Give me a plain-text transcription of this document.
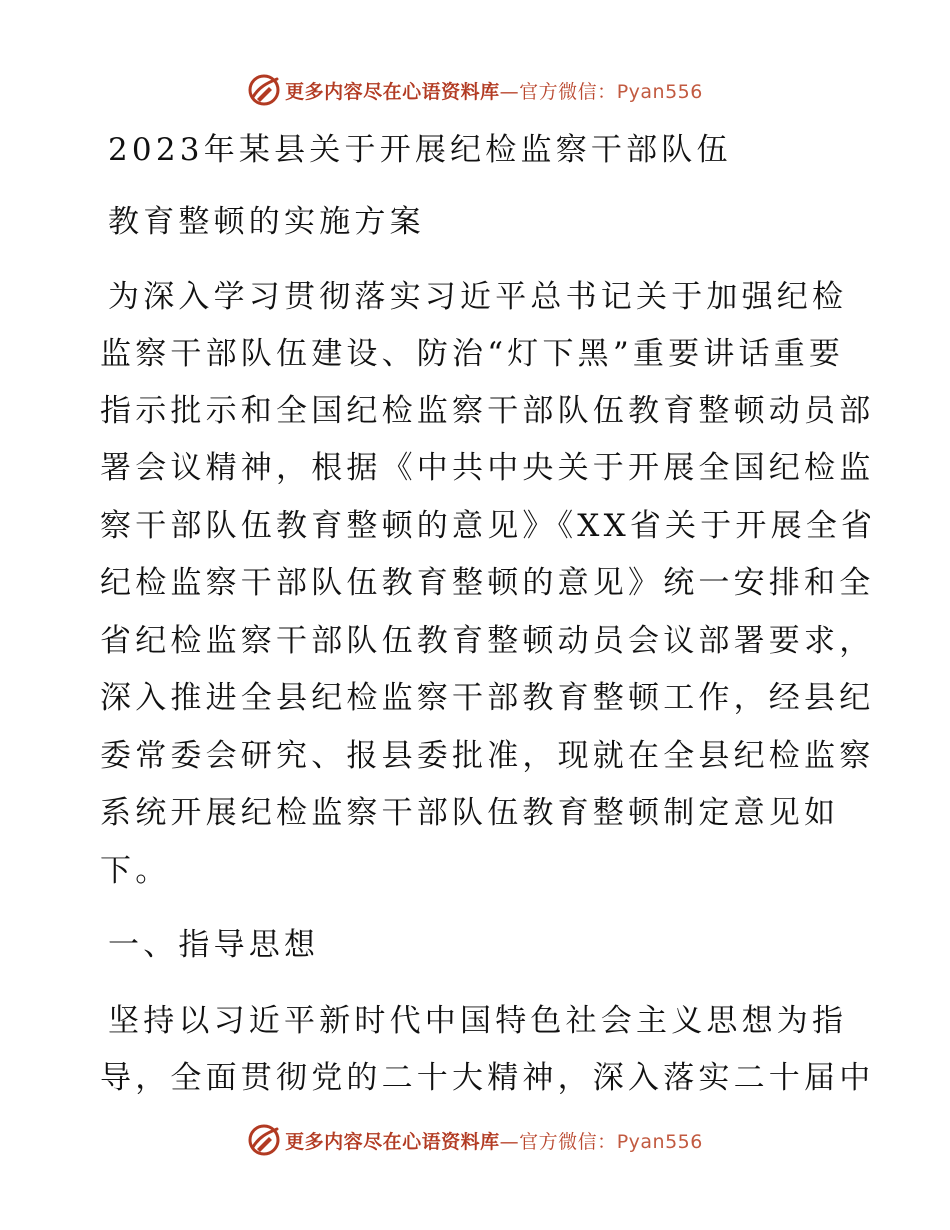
更多内容尽在心语资料库—官方微信：Pyan556
2023年某县关于开展纪检监察干部队伍
教育整顿的实施方案
为深入学习贯彻落实习近平总书记关于加强纪检
监察干部队伍建设、防治“灯下黑”重要讲话重要
指示批示和全国纪检监察干部队伍教育整顿动员部
署会议精神，根据《中共中央关于开展全国纪检监
察干部队伍教育整顿的意见》《XX省关于开展全省
纪检监察干部队伍教育整顿的意见》统一安排和全
省纪检监察干部队伍教育整顿动员会议部署要求，
深入推进全县纪检监察干部教育整顿工作，经县纪
委常委会研究、报县委批准，现就在全县纪检监察
系统开展纪检监察干部队伍教育整顿制定意见如
下。
一、指导思想
坚持以习近平新时代中国特色社会主义思想为指
导，全面贯彻党的二十大精神，深入落实二十届中
更多内容尽在心语资料库—官方微信：Pyan556
